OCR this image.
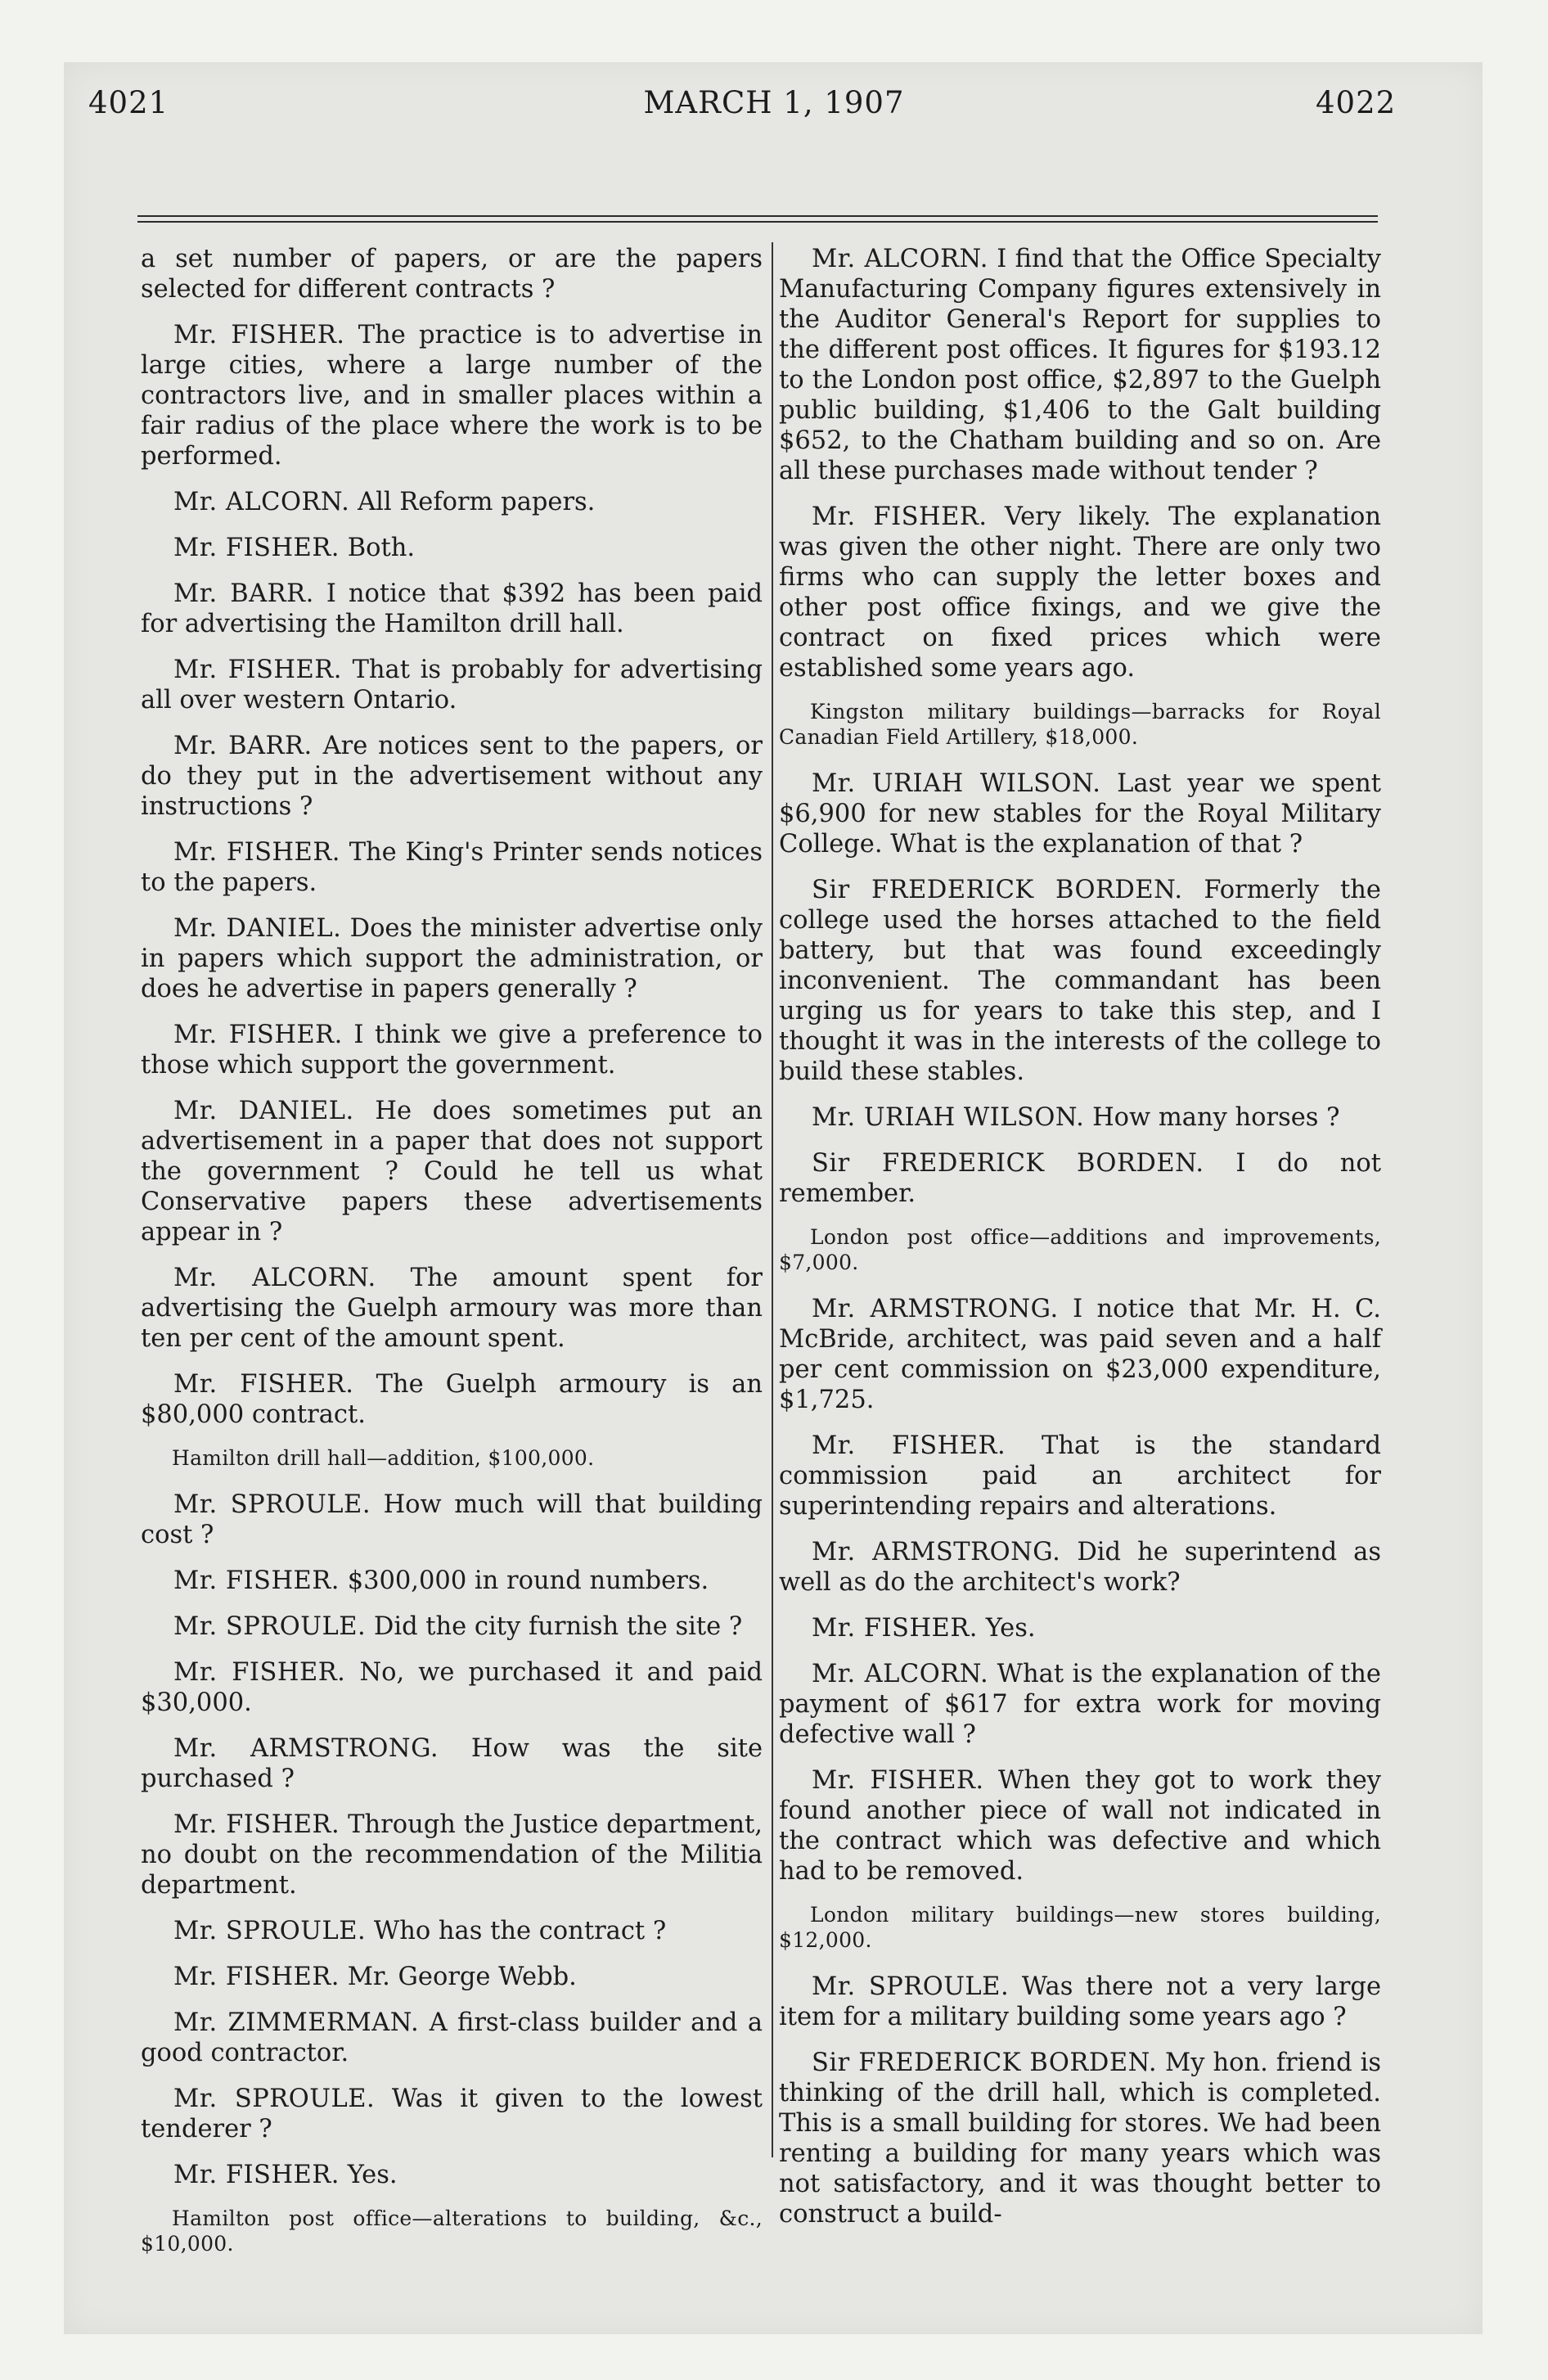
4021	MARCH 1, 1907	4022

a set number of papers, or are the papers selected for different contracts ?

Mr. FISHER. The practice is to advertise in large cities, where a large number of the contractors live, and in smaller places within a fair radius of the place where the work is to be performed.

Mr. ALCORN. All Reform papers.

Mr. FISHER. Both.

Mr. BARR. I notice that $392 has been paid for advertising the Hamilton drill hall.

Mr. FISHER. That is probably for advertising all over western Ontario.

Mr. BARR. Are notices sent to the papers, or do they put in the advertisement without any instructions ?

Mr. FISHER. The King's Printer sends notices to the papers.

Mr. DANIEL. Does the minister advertise only in papers which support the administration, or does he advertise in papers generally ?

Mr. FISHER. I think we give a preference to those which support the government.

Mr. DANIEL. He does sometimes put an advertisement in a paper that does not support the government ? Could he tell us what Conservative papers these advertisements appear in ?

Mr. ALCORN. The amount spent for advertising the Guelph armoury was more than ten per cent of the amount spent.

Mr. FISHER. The Guelph armoury is an $80,000 contract.

Hamilton drill hall—addition, $100,000.

Mr. SPROULE. How much will that building cost ?

Mr. FISHER. $300,000 in round numbers.

Mr. SPROULE. Did the city furnish the site ?

Mr. FISHER. No, we purchased it and paid $30,000.

Mr. ARMSTRONG. How was the site purchased ?

Mr. FISHER. Through the Justice department, no doubt on the recommendation of the Militia department.

Mr. SPROULE. Who has the contract ?

Mr. FISHER. Mr. George Webb.

Mr. ZIMMERMAN. A first-class builder and a good contractor.

Mr. SPROULE. Was it given to the lowest tenderer ?

Mr. FISHER. Yes.

Hamilton post office—alterations to building, &c., $10,000.

Mr. ALCORN. I find that the Office Specialty Manufacturing Company figures extensively in the Auditor General's Report for supplies to the different post offices. It figures for $193.12 to the London post office, $2,897 to the Guelph public building, $1,406 to the Galt building $652, to the Chatham building and so on. Are all these purchases made without tender ?

Mr. FISHER. Very likely. The explanation was given the other night. There are only two firms who can supply the letter boxes and other post office fixings, and we give the contract on fixed prices which were established some years ago.

Kingston military buildings—barracks for Royal Canadian Field Artillery, $18,000.

Mr. URIAH WILSON. Last year we spent $6,900 for new stables for the Royal Military College. What is the explanation of that ?

Sir FREDERICK BORDEN. Formerly the college used the horses attached to the field battery, but that was found exceedingly inconvenient. The commandant has been urging us for years to take this step, and I thought it was in the interests of the college to build these stables.

Mr. URIAH WILSON. How many horses ?

Sir FREDERICK BORDEN. I do not remember.

London post office—additions and improvements, $7,000.

Mr. ARMSTRONG. I notice that Mr. H. C. McBride, architect, was paid seven and a half per cent commission on $23,000 expenditure, $1,725.

Mr. FISHER. That is the standard commission paid an architect for superintending repairs and alterations.

Mr. ARMSTRONG. Did he superintend as well as do the architect's work?

Mr. FISHER. Yes.

Mr. ALCORN. What is the explanation of the payment of $617 for extra work for moving defective wall ?

Mr. FISHER. When they got to work they found another piece of wall not indicated in the contract which was defective and which had to be removed.

London military buildings—new stores building, $12,000.

Mr. SPROULE. Was there not a very large item for a military building some years ago ?

Sir FREDERICK BORDEN. My hon. friend is thinking of the drill hall, which is completed. This is a small building for stores. We had been renting a building for many years which was not satisfactory, and it was thought better to construct a build-
